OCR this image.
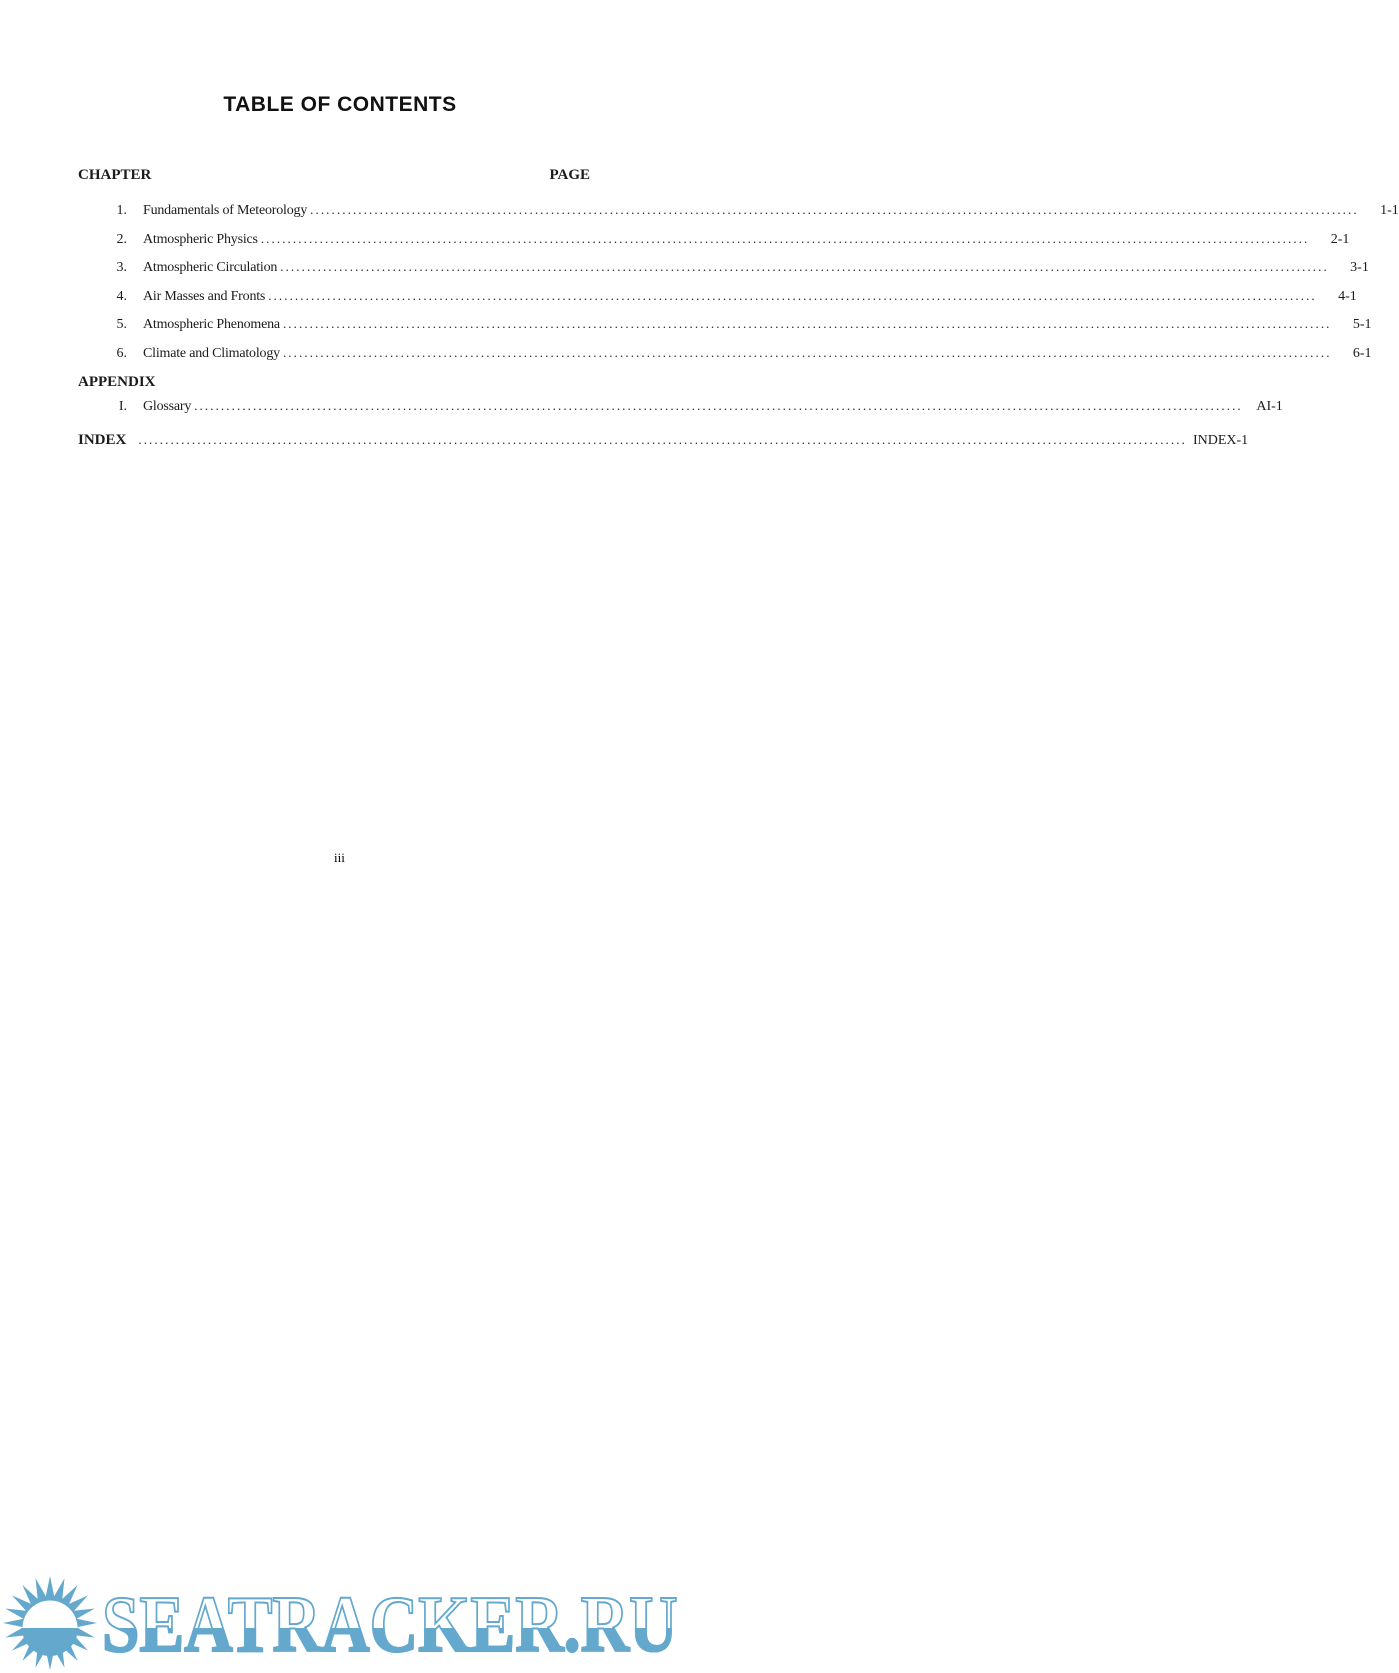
TABLE OF CONTENTS
CHAPTER	PAGE
1. Fundamentals of Meteorology .....	1-1
2. Atmospheric Physics .....	2-1
3. Atmospheric Circulation .....	3-1
4. Air Masses and Fronts .....	4-1
5. Atmospheric Phenomena .....	5-1
6. Climate and Climatology .....	6-1
APPENDIX
I. Glossary .....	AI-1
INDEX .....	INDEX-1
SEATRACKER.RU
iii
